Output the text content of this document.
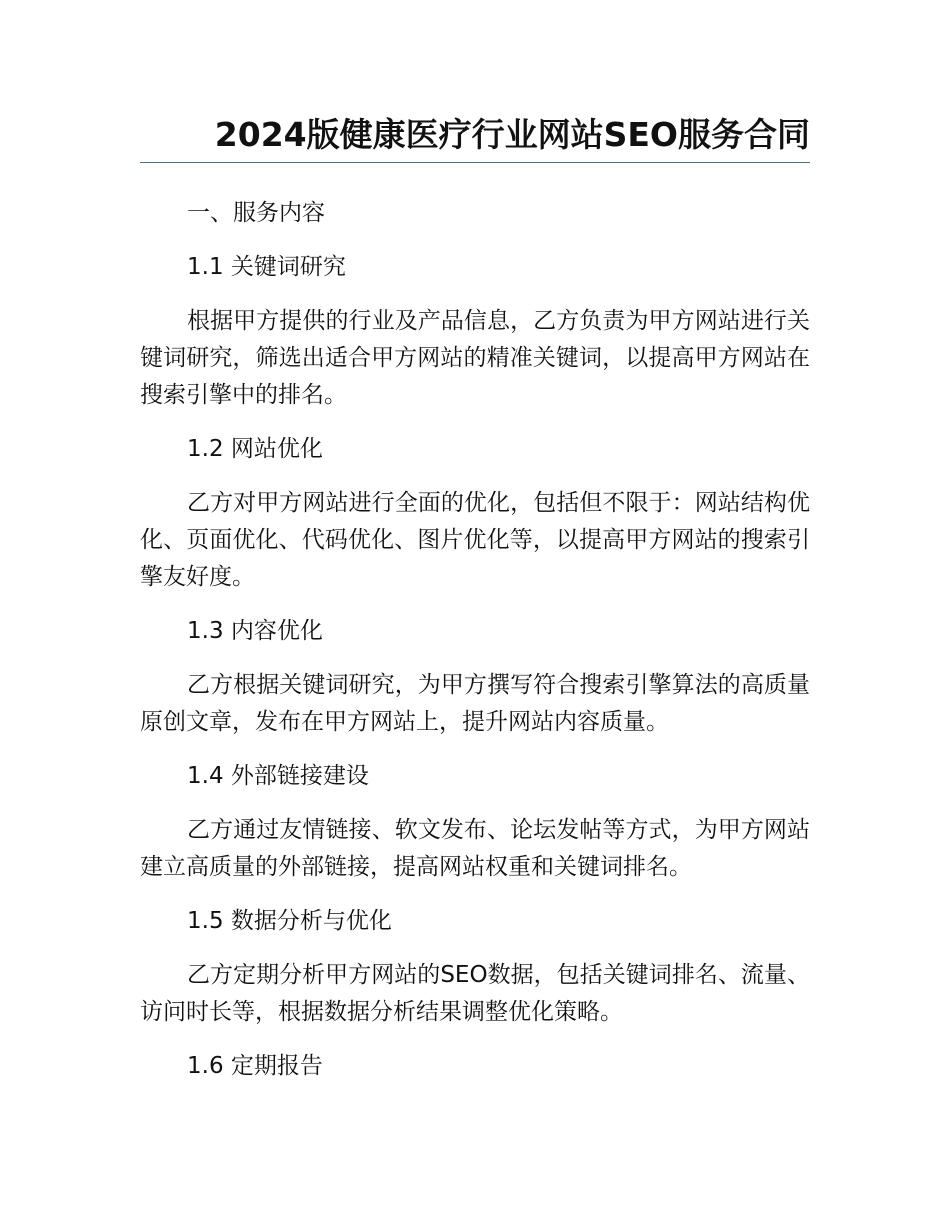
2024版健康医疗行业网站SEO服务合同
一、服务内容
1.1 关键词研究
根据甲方提供的行业及产品信息，乙方负责为甲方网站进行关键词研究，筛选出适合甲方网站的精准关键词，以提高甲方网站在搜索引擎中的排名。
1.2 网站优化
乙方对甲方网站进行全面的优化，包括但不限于：网站结构优化、页面优化、代码优化、图片优化等，以提高甲方网站的搜索引擎友好度。
1.3 内容优化
乙方根据关键词研究，为甲方撰写符合搜索引擎算法的高质量原创文章，发布在甲方网站上，提升网站内容质量。
1.4 外部链接建设
乙方通过友情链接、软文发布、论坛发帖等方式，为甲方网站建立高质量的外部链接，提高网站权重和关键词排名。
1.5 数据分析与优化
乙方定期分析甲方网站的SEO数据，包括关键词排名、流量、访问时长等，根据数据分析结果调整优化策略。
1.6 定期报告
